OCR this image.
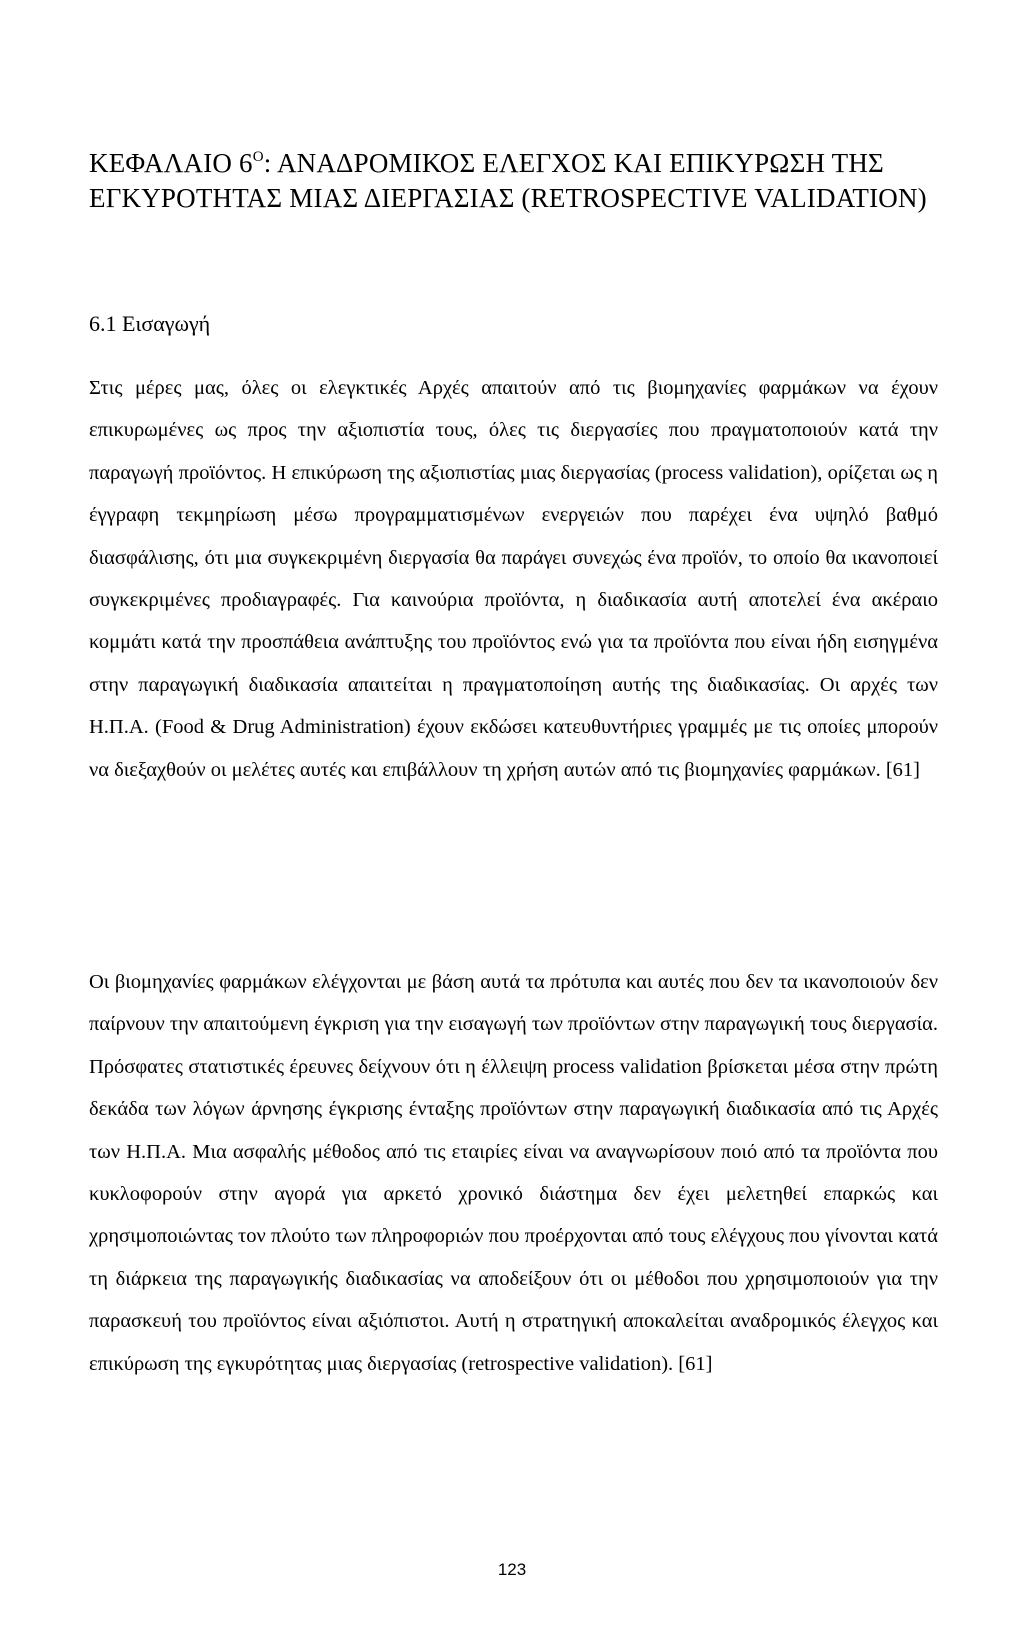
ΚΕΦΑΛΑΙΟ $6^O$: ΑΝΑΔΡΟΜΙΚΟΣ ΕΛΕΓΧΟΣ ΚΑΙ ΕΠΙΚΥΡΩΣΗ ΤΗΣ ΕΓΚΥΡΟΤΗΤΑΣ ΜΙΑΣ ΔΙΕΡΓΑΣΙΑΣ (RETROSPECTIVE VALIDATION)
6.1 Εισαγωγή

Στις μέρες μας, όλες οι ελεγκτικές Αρχές απαιτούν από τις βιομηχανίες φαρμάκων να έχουν επικυρωμένες ως προς την αξιοπιστία τους, όλες τις διεργασίες που πραγματοποιούν κατά την παραγωγή προϊόντος. Η επικύρωση της αξιοπιστίας μιας διεργασίας (process validation), ορίζεται ως η έγγραφη τεκμηρίωση μέσω προγραμματισμένων ενεργειών που παρέχει ένα υψηλό βαθμό διασφάλισης, ότι μια συγκεκριμένη διεργασία θα παράγει συνεχώς ένα προϊόν, το οποίο θα ικανοποιεί συγκεκριμένες προδιαγραφές. Για καινούρια προϊόντα, η διαδικασία αυτή αποτελεί ένα ακέραιο κομμάτι κατά την προσπάθεια ανάπτυξης του προϊόντος ενώ για τα προϊόντα που είναι ήδη εισηγμένα στην παραγωγική διαδικασία απαιτείται η πραγματοποίηση αυτής της διαδικασίας. Οι αρχές των Η.Π.Α. (Food & Drug Administration) έχουν εκδώσει κατευθυντήριες γραμμές με τις οποίες μπορούν να διεξαχθούν οι μελέτες αυτές και επιβάλλουν τη χρήση αυτών από τις βιομηχανίες φαρμάκων. [61]

Οι βιομηχανίες φαρμάκων ελέγχονται με βάση αυτά τα πρότυπα και αυτές που δεν τα ικανοποιούν δεν παίρνουν την απαιτούμενη έγκριση για την εισαγωγή των προϊόντων στην παραγωγική τους διεργασία. Πρόσφατες στατιστικές έρευνες δείχνουν ότι η έλλειψη process validation βρίσκεται μέσα στην πρώτη δεκάδα των λόγων άρνησης έγκρισης ένταξης προϊόντων στην παραγωγική διαδικασία από τις Αρχές των Η.Π.Α. Μια ασφαλής μέθοδος από τις εταιρίες είναι να αναγνωρίσουν ποιό από τα προϊόντα που κυκλοφορούν στην αγορά για αρκετό χρονικό διάστημα δεν έχει μελετηθεί επαρκώς και χρησιμοποιώντας τον πλούτο των πληροφοριών που προέρχονται από τους ελέγχους που γίνονται κατά τη διάρκεια της παραγωγικής διαδικασίας να αποδείξουν ότι οι μέθοδοι που χρησιμοποιούν για την παρασκευή του προϊόντος είναι αξιόπιστοι. Αυτή η στρατηγική αποκαλείται αναδρομικός έλεγχος και επικύρωση της εγκυρότητας μιας διεργασίας (retrospective validation). [61]

123
